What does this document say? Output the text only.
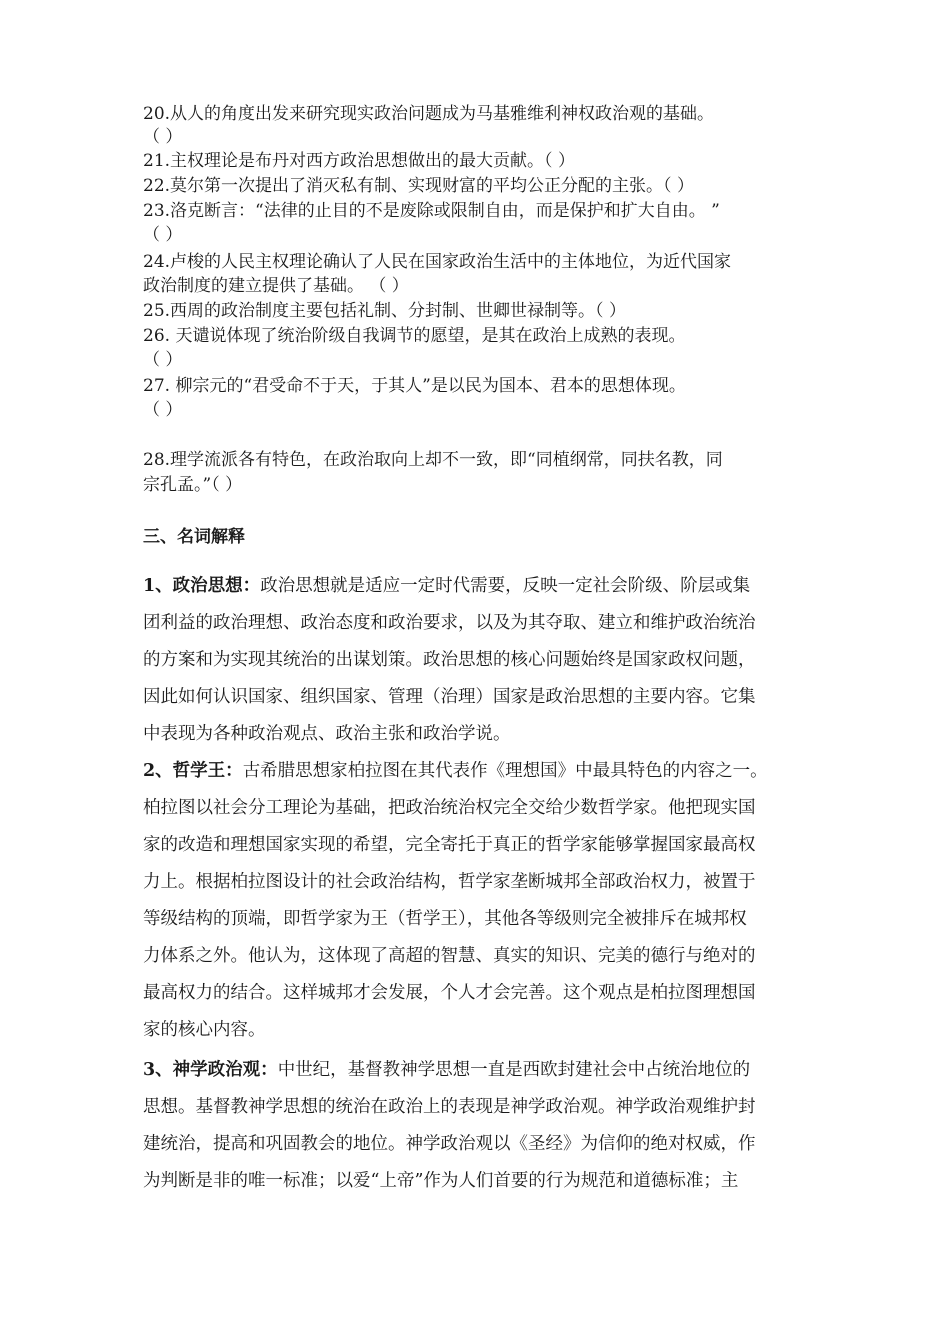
20.从人的角度出发来研究现实政治问题成为马基雅维利神权政治观的基础。
（ ）
21.主权理论是布丹对西方政治思想做出的最大贡献。（ ）
22.莫尔第一次提出了消灭私有制、实现财富的平均公正分配的主张。（ ）
23.洛克断言：“法律的止目的不是废除或限制自由，而是保护和扩大自由。 ”
（ ）
24.卢梭的人民主权理论确认了人民在国家政治生活中的主体地位，为近代国家
政治制度的建立提供了基础。 （ ）
25.西周的政治制度主要包括礼制、分封制、世卿世禄制等。（ ）
26. 天谴说体现了统治阶级自我调节的愿望，是其在政治上成熟的表现。
（ ）
27. 柳宗元的“君受命不于天，于其人”是以民为国本、君本的思想体现。
（ ）
28.理学流派各有特色，在政治取向上却不一致，即“同植纲常，同扶名教，同
宗孔孟。”（ ）
三、名词解释
1、政治思想：政治思想就是适应一定时代需要，反映一定社会阶级、阶层或集
团利益的政治理想、政治态度和政治要求，以及为其夺取、建立和维护政治统治
的方案和为实现其统治的出谋划策。政治思想的核心问题始终是国家政权问题，
因此如何认识国家、组织国家、管理（治理）国家是政治思想的主要内容。它集
中表现为各种政治观点、政治主张和政治学说。
2、哲学王：古希腊思想家柏拉图在其代表作《理想国》中最具特色的内容之一。
柏拉图以社会分工理论为基础，把政治统治权完全交给少数哲学家。他把现实国
家的改造和理想国家实现的希望，完全寄托于真正的哲学家能够掌握国家最高权
力上。根据柏拉图设计的社会政治结构，哲学家垄断城邦全部政治权力，被置于
等级结构的顶端，即哲学家为王（哲学王），其他各等级则完全被排斥在城邦权
力体系之外。他认为，这体现了高超的智慧、真实的知识、完美的德行与绝对的
最高权力的结合。这样城邦才会发展，个人才会完善。这个观点是柏拉图理想国
家的核心内容。
3、神学政治观：中世纪，基督教神学思想一直是西欧封建社会中占统治地位的
思想。基督教神学思想的统治在政治上的表现是神学政治观。神学政治观维护封
建统治，提高和巩固教会的地位。神学政治观以《圣经》为信仰的绝对权威，作
为判断是非的唯一标准；以爱“上帝”作为人们首要的行为规范和道德标准；主
